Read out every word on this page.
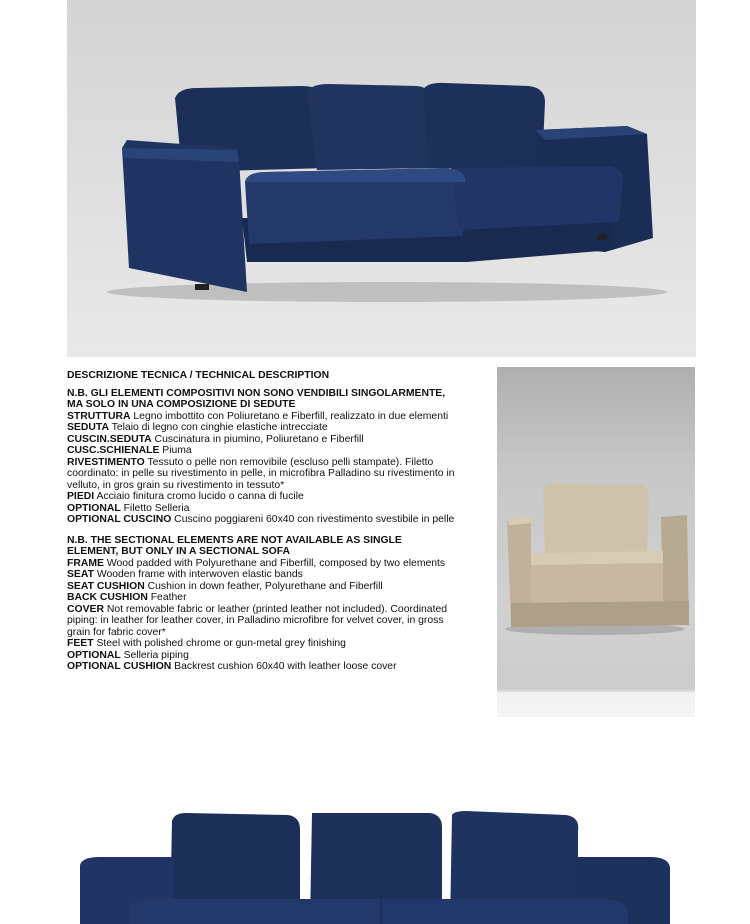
DESCRIZIONE TECNICA / TECHNICAL DESCRIPTION
N.B. GLI ELEMENTI COMPOSITIVI NON SONO VENDIBILI SINGOLARMENTE, MA SOLO IN UNA COMPOSIZIONE DI SEDUTE
STRUTTURA Legno imbottito con Poliuretano e Fiberfill, realizzato in due elementi
SEDUTA Telaio di legno con cinghie elastiche intrecciate
CUSCIN.SEDUTA Cuscinatura in piumino, Poliuretano e Fiberfill
CUSC.SCHIENALE Piuma
RIVESTIMENTO Tessuto o pelle non removibile (escluso pelli stampate). Filetto coordinato: in pelle su rivestimento in pelle, in microfibra Palladino su rivestimento in velluto, in gros grain su rivestimento in tessuto*
PIEDI Acciaio finitura cromo lucido o canna di fucile
OPTIONAL Filetto Selleria
OPTIONAL CUSCINO Cuscino poggiareni 60x40 con rivestimento svestibile in pelle
N.B. THE SECTIONAL ELEMENTS ARE NOT AVAILABLE AS SINGLE ELEMENT, BUT ONLY IN A SECTIONAL SOFA
FRAME Wood padded with Polyurethane and Fiberfill, composed by two elements
SEAT Wooden frame with interwoven elastic bands
SEAT CUSHION Cushion in down feather, Polyurethane and Fiberfill
BACK CUSHION Feather
COVER Not removable fabric or leather (printed leather not included). Coordinated piping: in leather for leather cover, in Palladino microfibre for velvet cover, in gross grain for fabric cover*
FEET Steel with polished chrome or gun-metal grey finishing
OPTIONAL Selleria piping
OPTIONAL CUSHION Backrest cushion 60x40 with leather loose cover
